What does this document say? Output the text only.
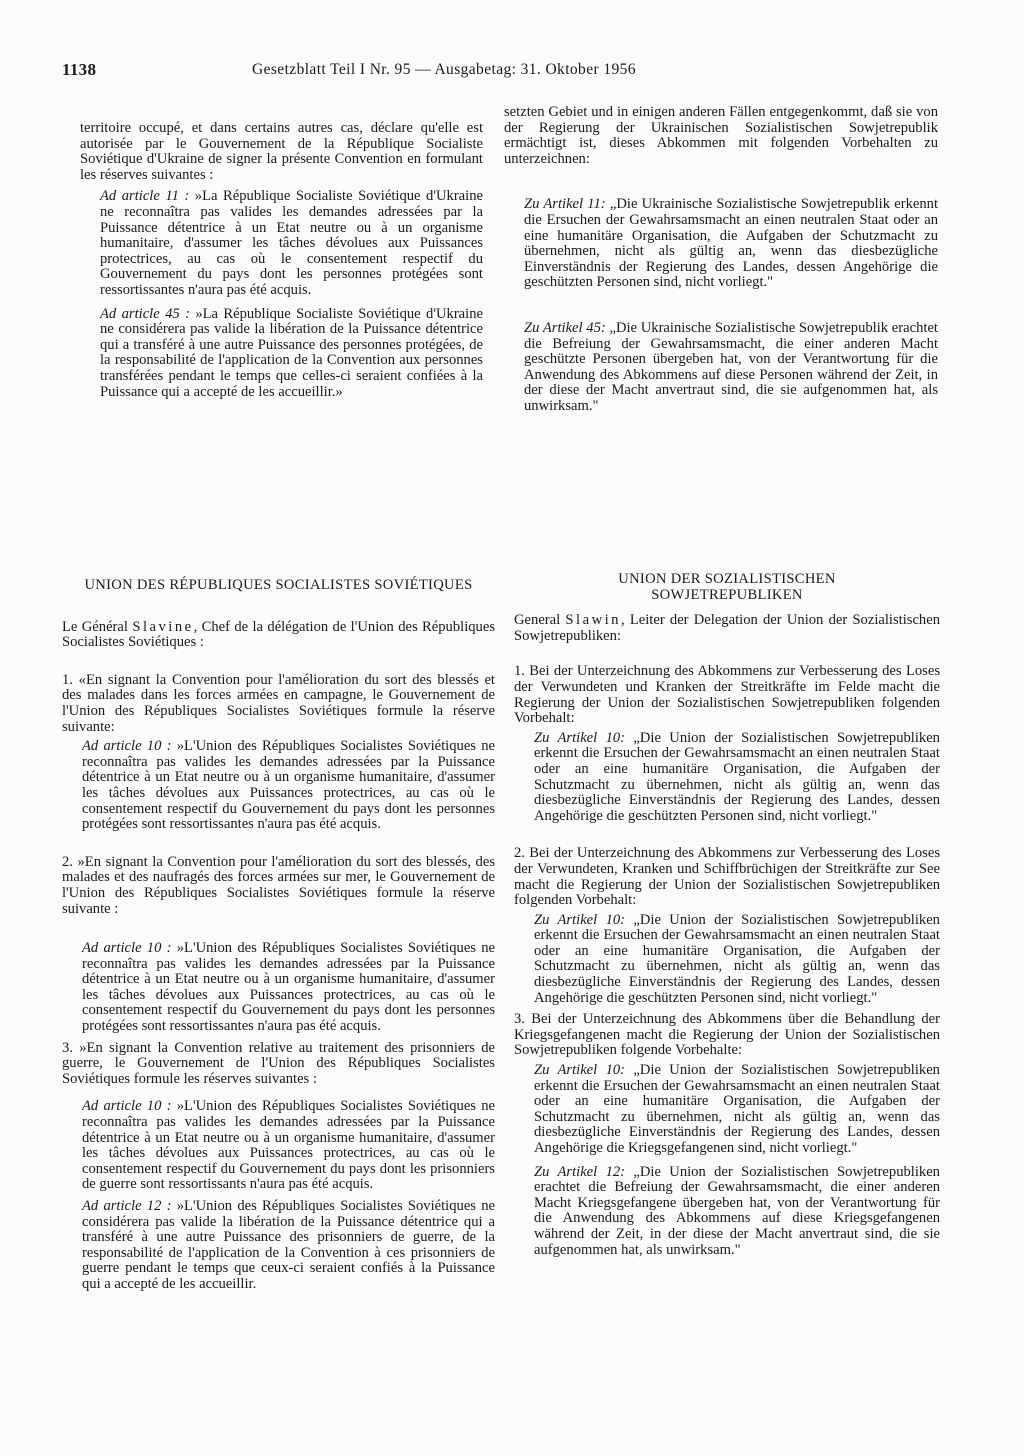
1138	Gesetzblatt Teil I Nr. 95 — Ausgabetag: 31. Oktober 1956

territoire occupé, et dans certains autres cas, déclare qu'elle est autorisée par le Gouvernement de la République Socialiste Soviétique d'Ukraine de signer la présente Convention en formulant les réserves suivantes :

Ad article 11 : »La République Socialiste Soviétique d'Ukraine ne reconnaîtra pas valides les demandes adressées par la Puissance détentrice à un Etat neutre ou à un organisme humanitaire, d'assumer les tâches dévolues aux Puissances protectrices, au cas où le consentement respectif du Gouvernement du pays dont les personnes protégées sont ressortissantes n'aura pas été acquis.

Ad article 45 : »La République Socialiste Soviétique d'Ukraine ne considérera pas valide la libération de la Puissance détentrice qui a transféré à une autre Puissance des personnes protégées, de la responsabilité de l'application de la Convention aux personnes transférées pendant le temps que celles-ci seraient confiées à la Puissance qui a accepté de les accueillir.»

setzten Gebiet und in einigen anderen Fällen entgegenkommt, daß sie von der Regierung der Ukrainischen Sozialistischen Sowjetrepublik ermächtigt ist, dieses Abkommen mit folgenden Vorbehalten zu unterzeichnen:

Zu Artikel 11: „Die Ukrainische Sozialistische Sowjetrepublik erkennt die Ersuchen der Gewahrsamsmacht an einen neutralen Staat oder an eine humanitäre Organisation, die Aufgaben der Schutzmacht zu übernehmen, nicht als gültig an, wenn das diesbezügliche Einverständnis der Regierung des Landes, dessen Angehörige die geschützten Personen sind, nicht vorliegt."

Zu Artikel 45: „Die Ukrainische Sozialistische Sowjetrepublik erachtet die Befreiung der Gewahrsamsmacht, die einer anderen Macht geschützte Personen übergeben hat, von der Verantwortung für die Anwendung des Abkommens auf diese Personen während der Zeit, in der diese der Macht anvertraut sind, die sie aufgenommen hat, als unwirksam."

UNION DES RÉPUBLIQUES SOCIALISTES SOVIÉTIQUES

Le Général Slavine, Chef de la délégation de l'Union des Républiques Socialistes Soviétiques :

1. «En signant la Convention pour l'amélioration du sort des blessés et des malades dans les forces armées en campagne, le Gouvernement de l'Union des Républiques Socialistes Soviétiques formule la réserve suivante:

Ad article 10 : »L'Union des Républiques Socialistes Soviétiques ne reconnaîtra pas valides les demandes adressées par la Puissance détentrice à un Etat neutre ou à un organisme humanitaire, d'assumer les tâches dévolues aux Puissances protectrices, au cas où le consentement respectif du Gouvernement du pays dont les personnes protégées sont ressortissantes n'aura pas été acquis.

2. »En signant la Convention pour l'amélioration du sort des blessés, des malades et des naufragés des forces armées sur mer, le Gouvernement de l'Union des Républiques Socialistes Soviétiques formule la réserve suivante :

Ad article 10 : »L'Union des Républiques Socialistes Soviétiques ne reconnaîtra pas valides les demandes adressées par la Puissance détentrice à un Etat neutre ou à un organisme humanitaire, d'assumer les tâches dévolues aux Puissances protectrices, au cas où le consentement respectif du Gouvernement du pays dont les personnes protégées sont ressortissantes n'aura pas été acquis.

3. »En signant la Convention relative au traitement des prisonniers de guerre, le Gouvernement de l'Union des Républiques Socialistes Soviétiques formule les réserves suivantes :

Ad article 10 : »L'Union des Républiques Socialistes Soviétiques ne reconnaîtra pas valides les demandes adressées par la Puissance détentrice à un Etat neutre ou à un organisme humanitaire, d'assumer les tâches dévolues aux Puissances protectrices, au cas où le consentement respectif du Gouvernement du pays dont les prisonniers de guerre sont ressortissants n'aura pas été acquis.

Ad article 12 : »L'Union des Républiques Socialistes Soviétiques ne considérera pas valide la libération de la Puissance détentrice qui a transféré à une autre Puissance des prisonniers de guerre, de la responsabilité de l'application de la Convention à ces prisonniers de guerre pendant le temps que ceux-ci seraient confiés à la Puissance qui a accepté de les accueillir.

UNION DER SOZIALISTISCHEN SOWJETREPUBLIKEN

General Slawin, Leiter der Delegation der Union der Sozialistischen Sowjetrepubliken:

1. Bei der Unterzeichnung des Abkommens zur Verbesserung des Loses der Verwundeten und Kranken der Streitkräfte im Felde macht die Regierung der Union der Sozialistischen Sowjetrepubliken folgenden Vorbehalt:

Zu Artikel 10: „Die Union der Sozialistischen Sowjetrepubliken erkennt die Ersuchen der Gewahrsamsmacht an einen neutralen Staat oder an eine humanitäre Organisation, die Aufgaben der Schutzmacht zu übernehmen, nicht als gültig an, wenn das diesbezügliche Einverständnis der Regierung des Landes, dessen Angehörige die geschützten Personen sind, nicht vorliegt."

2. Bei der Unterzeichnung des Abkommens zur Verbesserung des Loses der Verwundeten, Kranken und Schiffbrüchigen der Streitkräfte zur See macht die Regierung der Union der Sozialistischen Sowjetrepubliken folgenden Vorbehalt:

Zu Artikel 10: „Die Union der Sozialistischen Sowjetrepubliken erkennt die Ersuchen der Gewahrsamsmacht an einen neutralen Staat oder an eine humanitäre Organisation, die Aufgaben der Schutzmacht zu übernehmen, nicht als gültig an, wenn das diesbezügliche Einverständnis der Regierung des Landes, dessen Angehörige die geschützten Personen sind, nicht vorliegt."

3. Bei der Unterzeichnung des Abkommens über die Behandlung der Kriegsgefangenen macht die Regierung der Union der Sozialistischen Sowjetrepubliken folgende Vorbehalte:

Zu Artikel 10: „Die Union der Sozialistischen Sowjetrepubliken erkennt die Ersuchen der Gewahrsamsmacht an einen neutralen Staat oder an eine humanitäre Organisation, die Aufgaben der Schutzmacht zu übernehmen, nicht als gültig an, wenn das diesbezügliche Einverständnis der Regierung des Landes, dessen Angehörige die Kriegsgefangenen sind, nicht vorliegt."

Zu Artikel 12: „Die Union der Sozialistischen Sowjetrepubliken erachtet die Befreiung der Gewahrsamsmacht, die einer anderen Macht Kriegsgefangene übergeben hat, von der Verantwortung für die Anwendung des Abkommens auf diese Kriegsgefangenen während der Zeit, in der diese der Macht anvertraut sind, die sie aufgenommen hat, als unwirksam."
